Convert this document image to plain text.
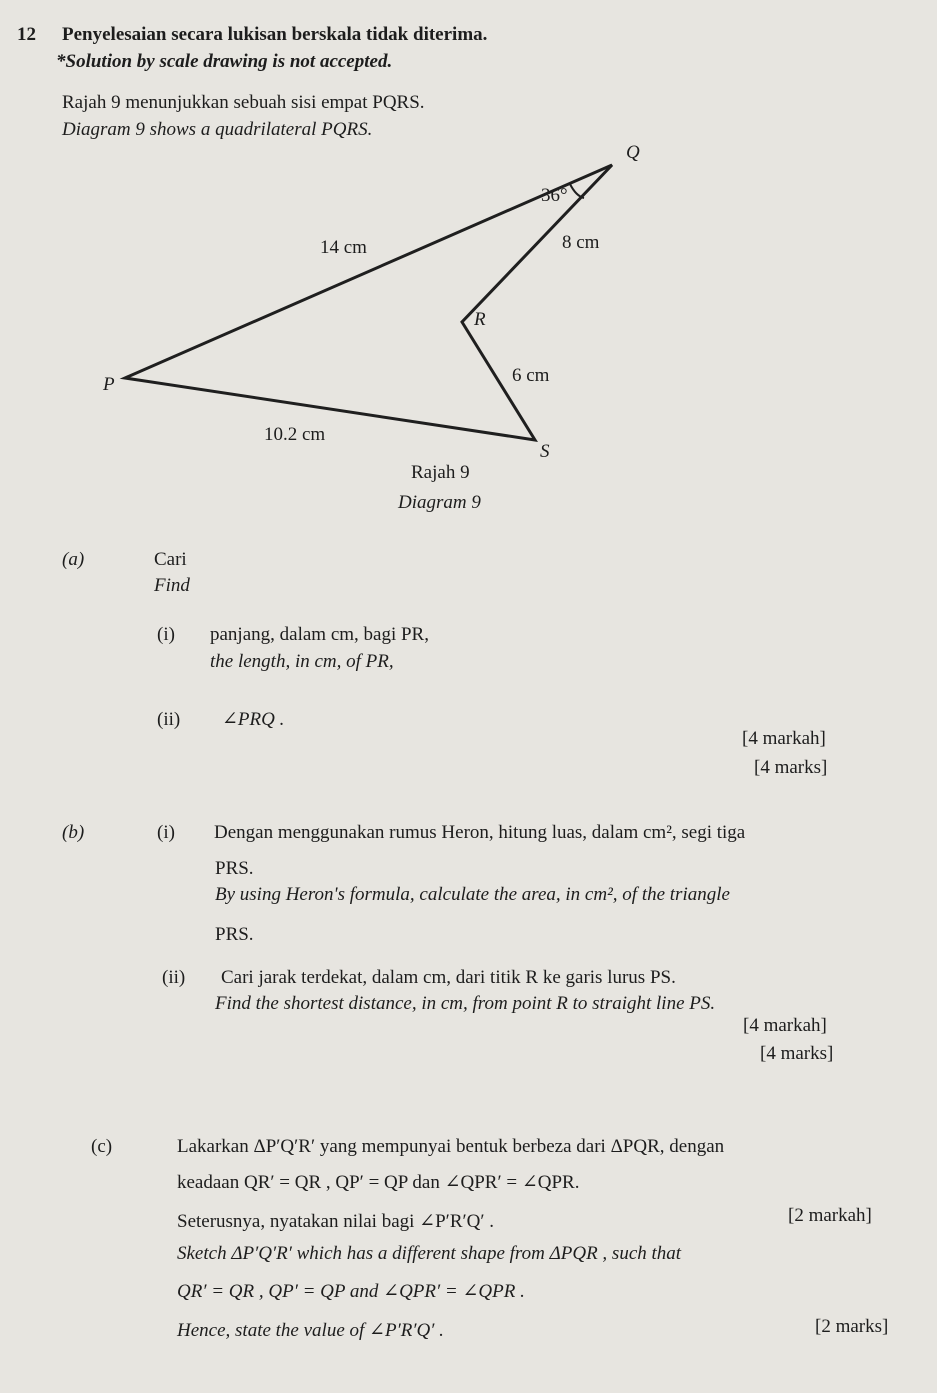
12 Penyelesaian secara lukisan berskala tidak diterima.
*Solution by scale drawing is not accepted.
Rajah 9 menunjukkan sebuah sisi empat PQRS.
Diagram 9 shows a quadrilateral PQRS.
Q
P
R
S
36°
14 cm	8 cm
6 cm
10.2 cm
Rajah 9
Diagram 9
(a)	Cari
Find
(i) panjang, dalam cm, bagi PR,
the length, in cm, of PR,
(ii) ∠PRQ .
[4 markah]
[4 marks]
(b)	(i) Dengan menggunakan rumus Heron, hitung luas, dalam cm², segi tiga
PRS.
By using Heron's formula, calculate the area, in cm², of the triangle
PRS.
(ii) Cari jarak terdekat, dalam cm, dari titik R ke garis lurus PS.
Find the shortest distance, in cm, from point R to straight line PS.
[4 markah]
[4 marks]
(c)	Lakarkan ΔP′Q′R′ yang mempunyai bentuk berbeza dari ΔPQR, dengan
keadaan QR′ = QR , QP′ = QP dan ∠QPR′ = ∠QPR.
Seterusnya, nyatakan nilai bagi ∠P′R′Q′ .	[2 markah]
Sketch ΔP′Q′R′ which has a different shape from ΔPQR , such that
QR′ = QR , QP′ = QP and ∠QPR′ = ∠QPR .
Hence, state the value of ∠P′R′Q′ .	[2 marks]
